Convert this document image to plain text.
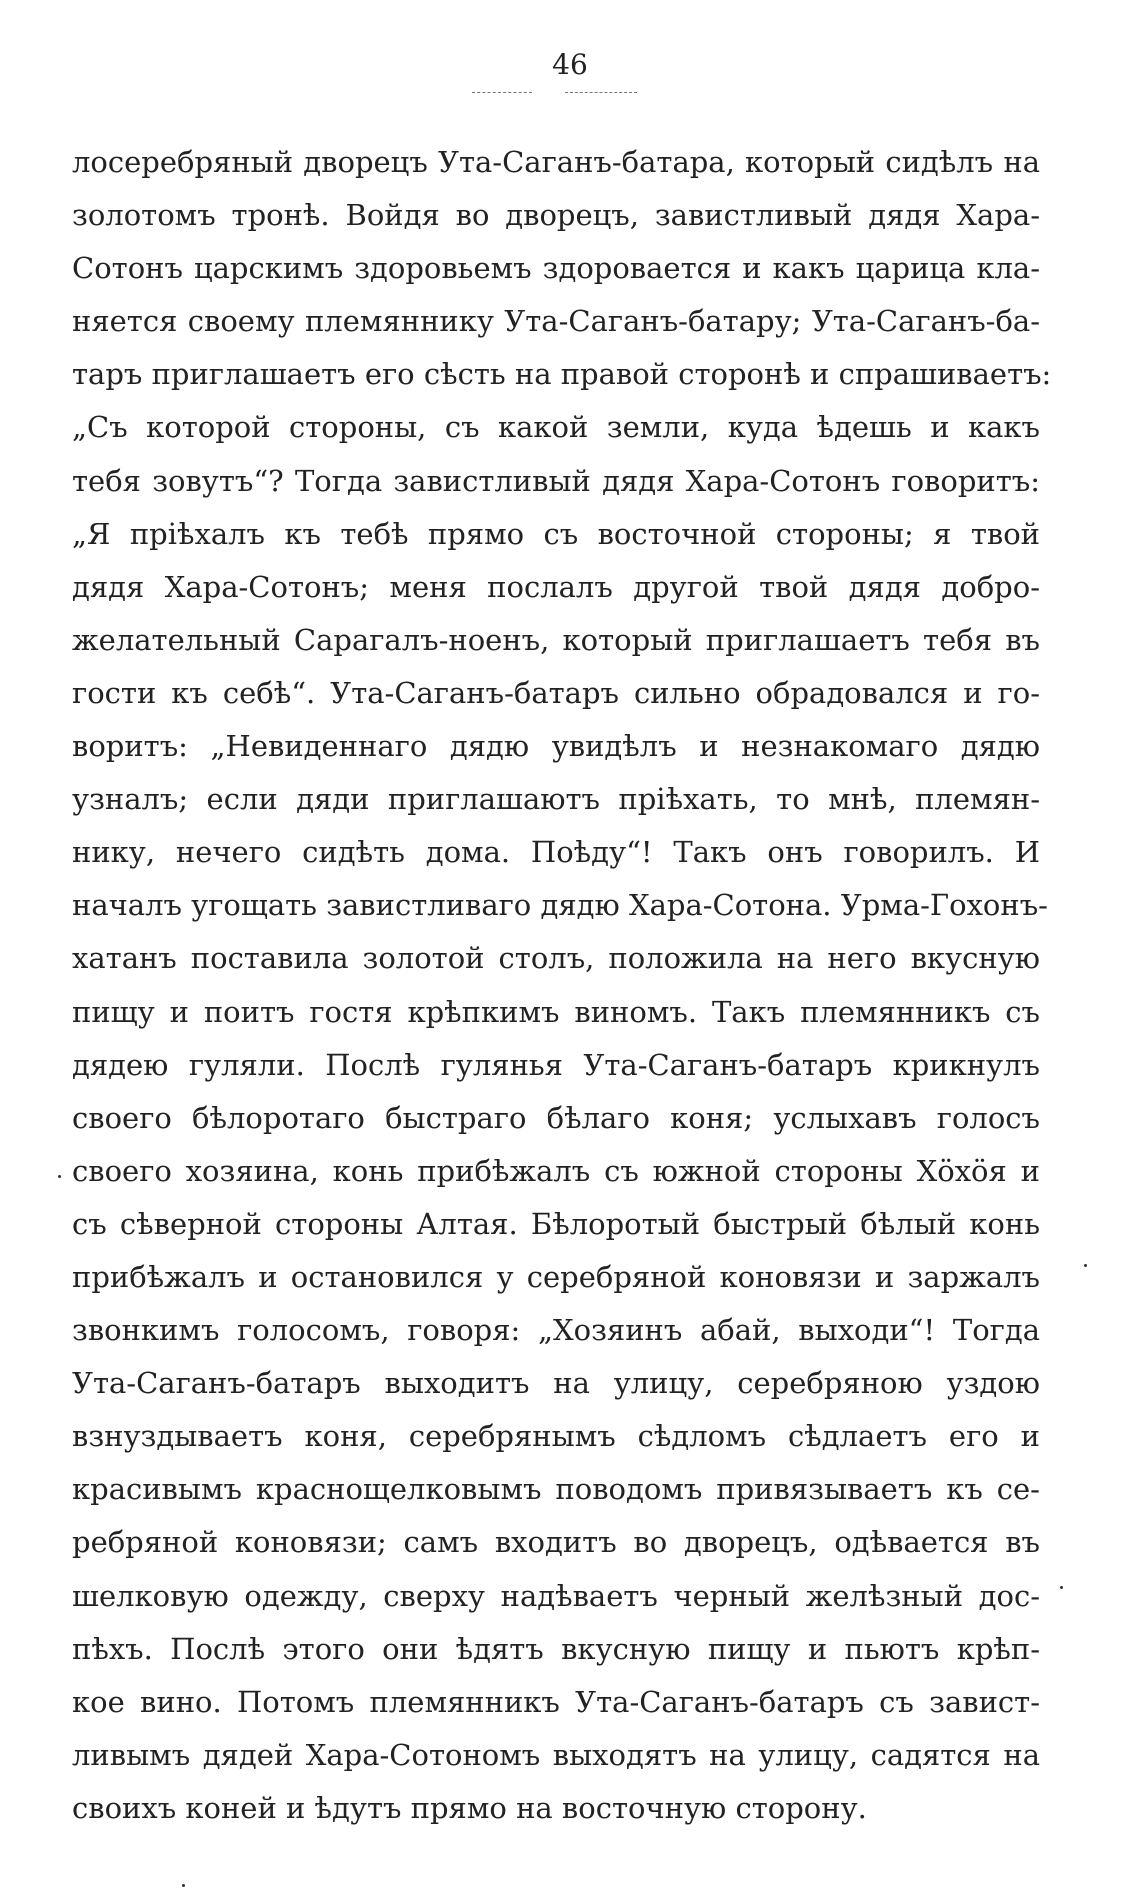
46
лосеребряный дворецъ Ута-Саганъ-батара, который сидѣлъ на
золотомъ тронѣ. Войдя во дворецъ, завистливый дядя Хара-
Сотонъ царскимъ здоровьемъ здоровается и какъ царица кла-
няется своему племяннику Ута-Саганъ-батару; Ута-Саганъ-ба-
таръ приглашаетъ его сѣсть на правой сторонѣ и спрашиваетъ:
„Съ которой стороны, съ какой земли, куда ѣдешь и какъ
тебя зовутъ“? Тогда завистливый дядя Хара-Сотонъ говоритъ:
„Я пріѣхалъ къ тебѣ прямо съ восточной стороны; я твой
дядя Хара-Сотонъ; меня послалъ другой твой дядя добро-
желательный Сарагалъ-ноенъ, который приглашаетъ тебя въ
гости къ себѣ“. Ута-Саганъ-батаръ сильно обрадовался и го-
воритъ: „Невиденнаго дядю увидѣлъ и незнакомаго дядю
узналъ; если дяди приглашаютъ пріѣхать, то мнѣ, племян-
нику, нечего сидѣть дома. Поѣду“! Такъ онъ говорилъ. И
началъ угощать завистливаго дядю Хара-Сотона. Урма-Гохонъ-
хатанъ поставила золотой столъ, положила на него вкусную
пищу и поитъ гостя крѣпкимъ виномъ. Такъ племянникъ съ
дядею гуляли. Послѣ гулянья Ута-Саганъ-батаръ крикнулъ
своего бѣлоротаго быстраго бѣлаго коня; услыхавъ голосъ
своего хозяина, конь прибѣжалъ съ южной стороны Хöхöя и
съ сѣверной стороны Алтая. Бѣлоротый быстрый бѣлый конь
прибѣжалъ и остановился у серебряной коновязи и заржалъ
звонкимъ голосомъ, говоря: „Хозяинъ абай, выходи“! Тогда
Ута-Саганъ-батаръ выходитъ на улицу, серебряною уздою
взнуздываетъ коня, серебрянымъ сѣдломъ сѣдлаетъ его и
красивымъ краснощелковымъ поводомъ привязываетъ къ се-
ребряной коновязи; самъ входитъ во дворецъ, одѣвается въ
шелковую одежду, сверху надѣваетъ черный желѣзный дос-
пѣхъ. Послѣ этого они ѣдятъ вкусную пищу и пьютъ крѣп-
кое вино. Потомъ племянникъ Ута-Саганъ-батаръ съ завист-
ливымъ дядей Хара-Сотономъ выходятъ на улицу, садятся на
своихъ коней и ѣдутъ прямо на восточную сторону.
